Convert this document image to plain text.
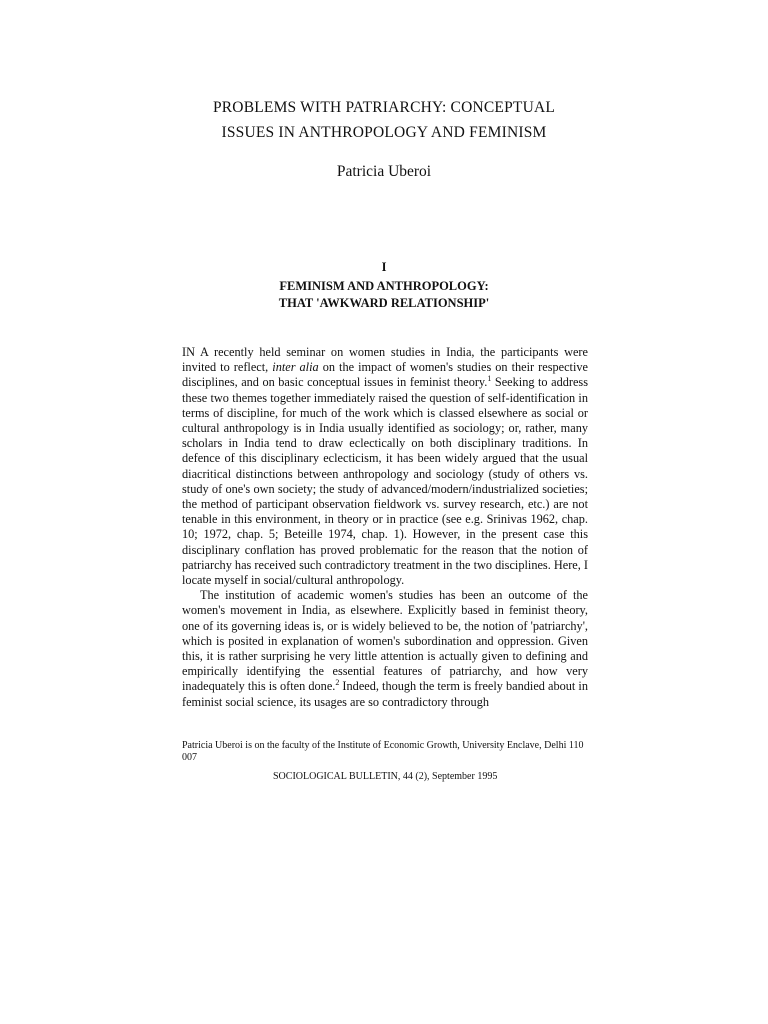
PROBLEMS WITH PATRIARCHY: CONCEPTUAL
ISSUES IN ANTHROPOLOGY AND FEMINISM

Patricia Uberoi

I
FEMINISM AND ANTHROPOLOGY:
THAT 'AWKWARD RELATIONSHIP'

IN A recently held seminar on women studies in India, the participants were invited to reflect, inter alia on the impact of women's studies on their respective disciplines, and on basic conceptual issues in feminist theory.$^1$ Seeking to address these two themes together immediately raised the question of self-identification in terms of discipline, for much of the work which is classed elsewhere as social or cultural anthropology is in India usually identified as sociology; or, rather, many scholars in India tend to draw eclectically on both disciplinary traditions. In defence of this disciplinary eclecticism, it has been widely argued that the usual diacritical distinctions between anthropology and sociology (study of others vs. study of one's own society; the study of advanced/modern/industrialized societies; the method of participant observation fieldwork vs. survey research, etc.) are not tenable in this environment, in theory or in practice (see e.g. Srinivas 1962, chap. 10; 1972, chap. 5; Beteille 1974, chap. 1). However, in the present case this disciplinary conflation has proved problematic for the reason that the notion of patriarchy has received such contradictory treatment in the two disciplines. Here, I locate myself in social/cultural anthropology.

The institution of academic women's studies has been an outcome of the women's movement in India, as elsewhere. Explicitly based in feminist theory, one of its governing ideas is, or is widely believed to be, the notion of 'patriarchy', which is posited in explanation of women's subordination and oppression. Given this, it is rather surprising he very little attention is actually given to defining and empirically identifying the essential features of patriarchy, and how very inadequately this is often done.$^2$ Indeed, though the term is freely bandied about in feminist social science, its usages are so contradictory through

Patricia Uberoi is on the faculty of the Institute of Economic Growth, University Enclave, Delhi 110 007

SOCIOLOGICAL BULLETIN, 44 (2), September 1995
